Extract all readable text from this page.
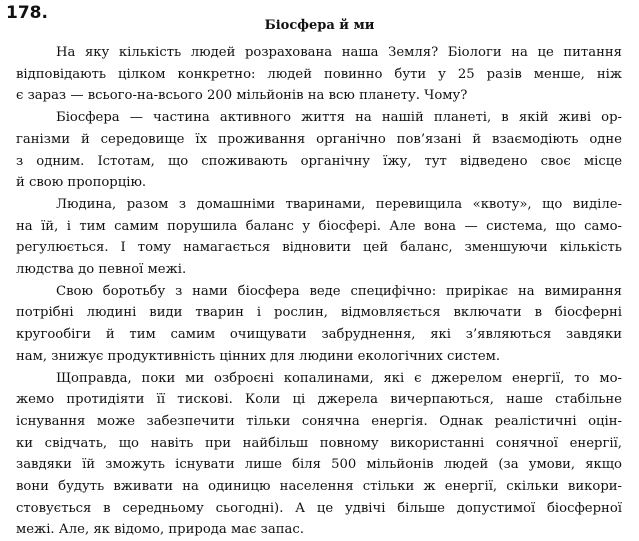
178.
Біосфера й ми

На яку кількість людей розрахована наша Земля? Біологи на це питання
відповідають цілком конкретно: людей повинно бути у 25 разів менше, ніж
є зараз — всього-на-всього 200 мільйонів на всю планету. Чому?

Біосфера — частина активного життя на нашій планеті, в якій живі ор-
ганізми й середовище їх проживання органічно пов’язані й взаємодіють одне
з одним. Істотам, що споживають органічну їжу, тут відведено своє місце
й свою пропорцію.

Людина, разом з домашніми тваринами, перевищила «квоту», що виділе-
на їй, і тим самим порушила баланс у біосфері. Але вона — система, що само-
регулюється. І тому намагається відновити цей баланс, зменшуючи кількість
людства до певної межі.

Свою боротьбу з нами біосфера веде специфічно: прирікає на вимирання
потрібні людині види тварин і рослин, відмовляється включати в біосферні
кругообіги й тим самим очищувати забруднення, які з’являються завдяки
нам, знижує продуктивність цінних для людини екологічних систем.

Щоправда, поки ми озброєні копалинами, які є джерелом енергії, то мо-
жемо протидіяти її тискові. Коли ці джерела вичерпаються, наше стабільне
існування може забезпечити тільки сонячна енергія. Однак реалістичні оцін-
ки свідчать, що навіть при найбільш повному використанні сонячної енергії,
завдяки їй зможуть існувати лише біля 500 мільйонів людей (за умови, якщо
вони будуть вживати на одиницю населення стільки ж енергії, скільки викори-
стовується в середньому сьогодні). А це удвічі більше допустимої біосферної
межі. Але, як відомо, природа має запас.
